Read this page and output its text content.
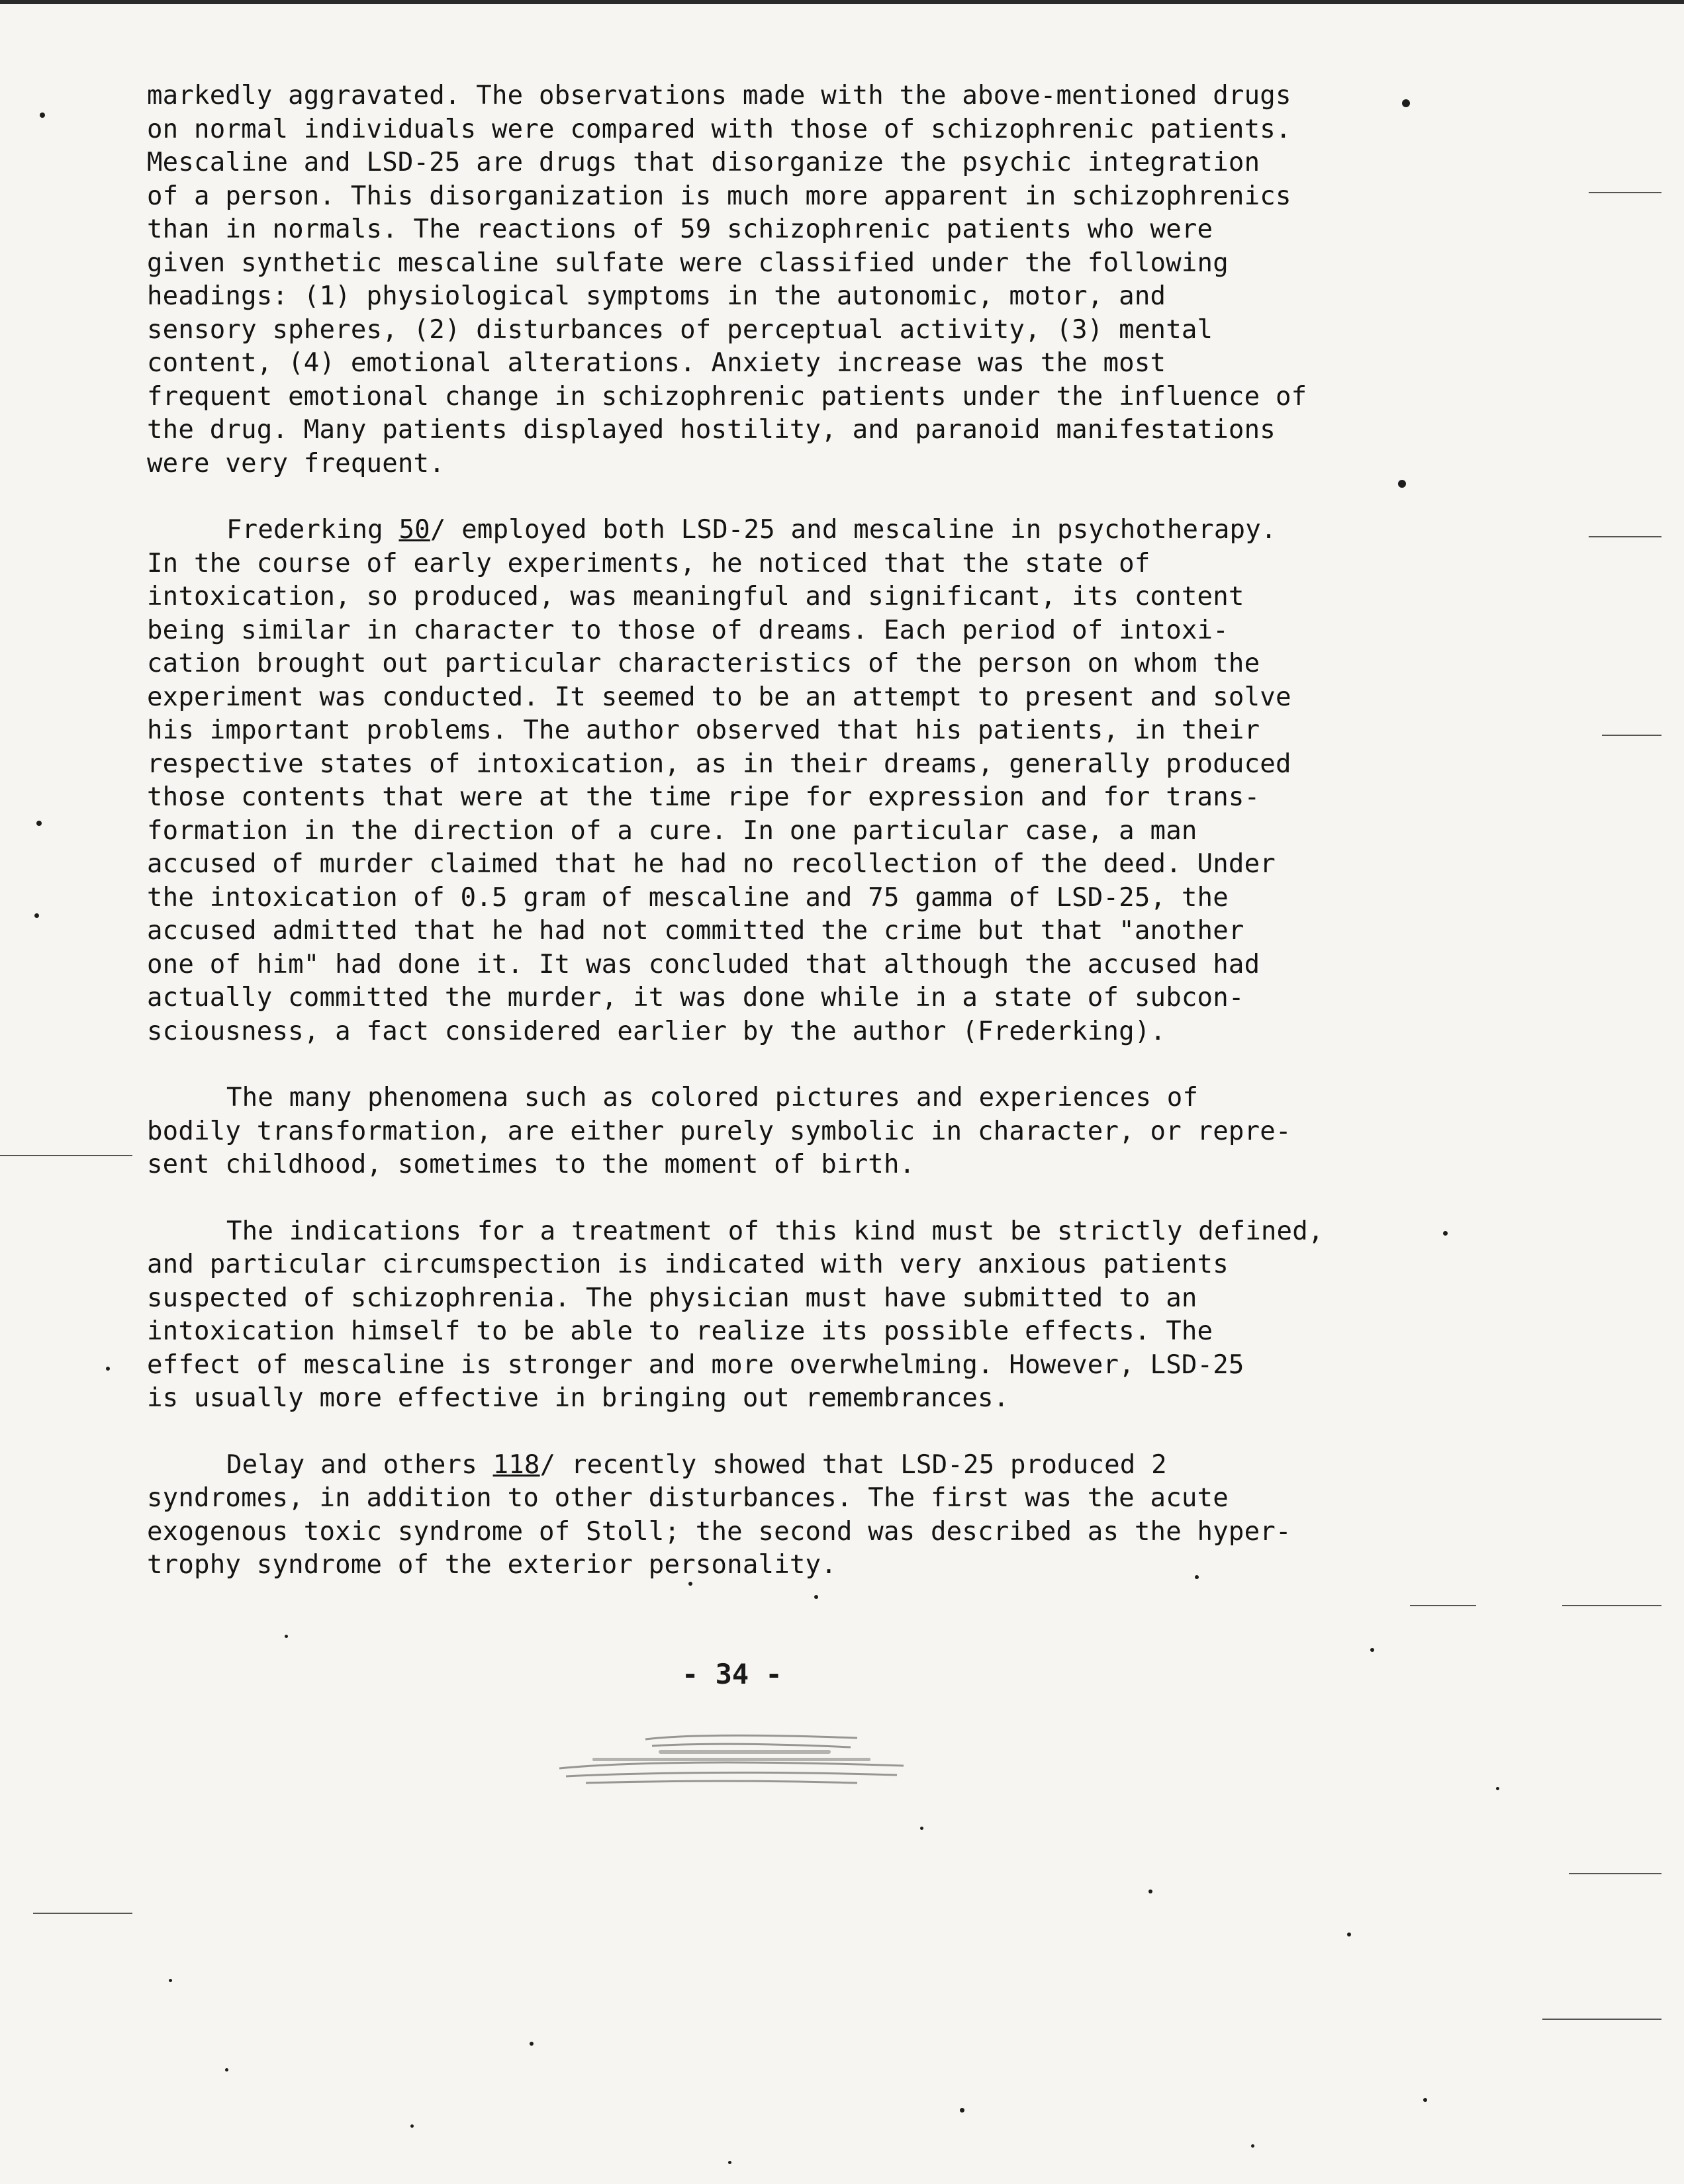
markedly aggravated. The observations made with the above-mentioned drugs
on normal individuals were compared with those of schizophrenic patients.
Mescaline and LSD-25 are drugs that disorganize the psychic integration
of a person. This disorganization is much more apparent in schizophrenics
than in normals. The reactions of 59 schizophrenic patients who were
given synthetic mescaline sulfate were classified under the following
headings: (1) physiological symptoms in the autonomic, motor, and
sensory spheres, (2) disturbances of perceptual activity, (3) mental
content, (4) emotional alterations. Anxiety increase was the most
frequent emotional change in schizophrenic patients under the influence of
the drug. Many patients displayed hostility, and paranoid manifestations
were very frequent.

Frederking 50/ employed both LSD-25 and mescaline in psychotherapy.
In the course of early experiments, he noticed that the state of
intoxication, so produced, was meaningful and significant, its content
being similar in character to those of dreams. Each period of intoxi-
cation brought out particular characteristics of the person on whom the
experiment was conducted. It seemed to be an attempt to present and solve
his important problems. The author observed that his patients, in their
respective states of intoxication, as in their dreams, generally produced
those contents that were at the time ripe for expression and for trans-
formation in the direction of a cure. In one particular case, a man
accused of murder claimed that he had no recollection of the deed. Under
the intoxication of 0.5 gram of mescaline and 75 gamma of LSD-25, the
accused admitted that he had not committed the crime but that "another
one of him" had done it. It was concluded that although the accused had
actually committed the murder, it was done while in a state of subcon-
sciousness, a fact considered earlier by the author (Frederking).

The many phenomena such as colored pictures and experiences of
bodily transformation, are either purely symbolic in character, or repre-
sent childhood, sometimes to the moment of birth.

The indications for a treatment of this kind must be strictly defined,
and particular circumspection is indicated with very anxious patients
suspected of schizophrenia. The physician must have submitted to an
intoxication himself to be able to realize its possible effects. The
effect of mescaline is stronger and more overwhelming. However, LSD-25
is usually more effective in bringing out remembrances.

Delay and others 118/ recently showed that LSD-25 produced 2
syndromes, in addition to other disturbances. The first was the acute
exogenous toxic syndrome of Stoll; the second was described as the hyper-
trophy syndrome of the exterior personality.

- 34 -
